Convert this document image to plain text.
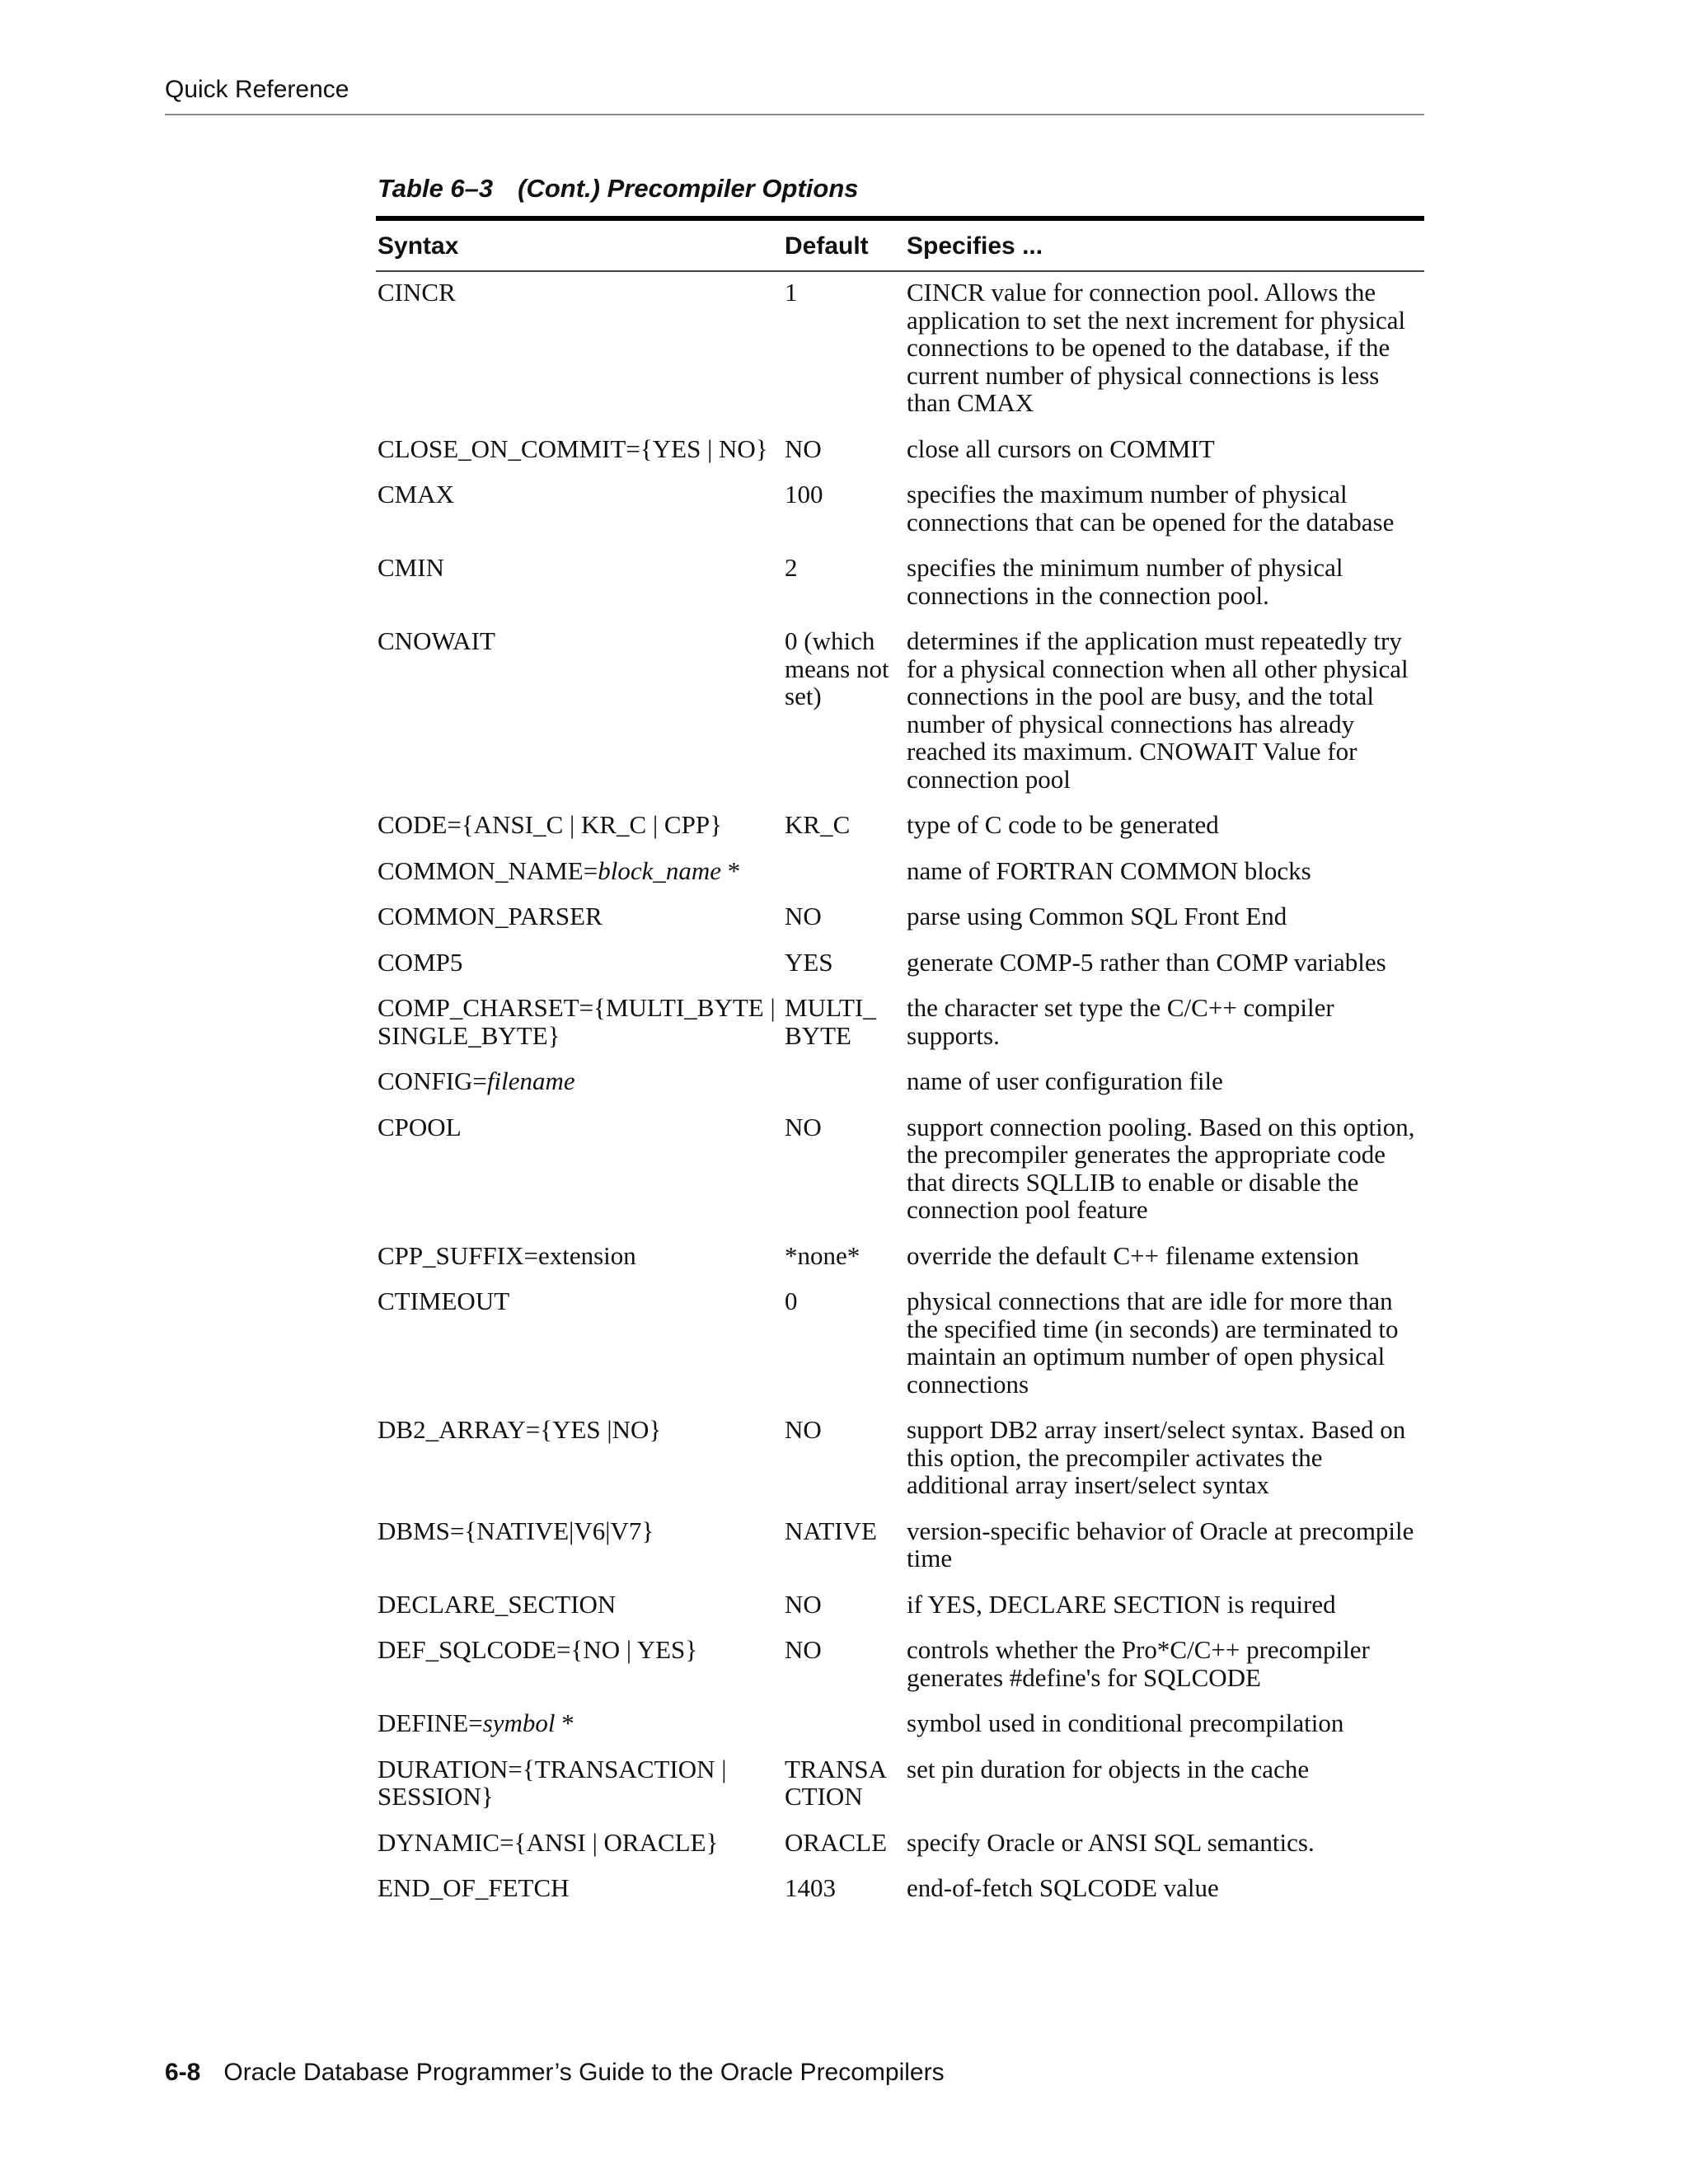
Quick Reference
Table 6–3 (Cont.) Precompiler Options
Syntax	Default	Specifies ...
CINCR	1	CINCR value for connection pool. Allows the application to set the next increment for physical connections to be opened to the database, if the current number of physical connections is less than CMAX
CLOSE_ON_COMMIT={YES | NO}	NO	close all cursors on COMMIT
CMAX	100	specifies the maximum number of physical connections that can be opened for the database
CMIN	2	specifies the minimum number of physical connections in the connection pool.
CNOWAIT	0 (which means not set)	determines if the application must repeatedly try for a physical connection when all other physical connections in the pool are busy, and the total number of physical connections has already reached its maximum. CNOWAIT Value for connection pool
CODE={ANSI_C | KR_C | CPP}	KR_C	type of C code to be generated
COMMON_NAME=block_name *		name of FORTRAN COMMON blocks
COMMON_PARSER	NO	parse using Common SQL Front End
COMP5	YES	generate COMP-5 rather than COMP variables
COMP_CHARSET={MULTI_BYTE | SINGLE_BYTE}	MULTI_ BYTE	the character set type the C/C++ compiler supports.
CONFIG=filename		name of user configuration file
CPOOL	NO	support connection pooling. Based on this option, the precompiler generates the appropriate code that directs SQLLIB to enable or disable the connection pool feature
CPP_SUFFIX=extension	*none*	override the default C++ filename extension
CTIMEOUT	0	physical connections that are idle for more than the specified time (in seconds) are terminated to maintain an optimum number of open physical connections
DB2_ARRAY={YES |NO}	NO	support DB2 array insert/select syntax. Based on this option, the precompiler activates the additional array insert/select syntax
DBMS={NATIVE|V6|V7}	NATIVE	version-specific behavior of Oracle at precompile time
DECLARE_SECTION	NO	if YES, DECLARE SECTION is required
DEF_SQLCODE={NO | YES}	NO	controls whether the Pro*C/C++ precompiler generates #define's for SQLCODE
DEFINE=symbol *		symbol used in conditional precompilation
DURATION={TRANSACTION | SESSION}	TRANSA CTION	set pin duration for objects in the cache
DYNAMIC={ANSI | ORACLE}	ORACLE	specify Oracle or ANSI SQL semantics.
END_OF_FETCH	1403	end-of-fetch SQLCODE value
6-8 Oracle Database Programmer’s Guide to the Oracle Precompilers
